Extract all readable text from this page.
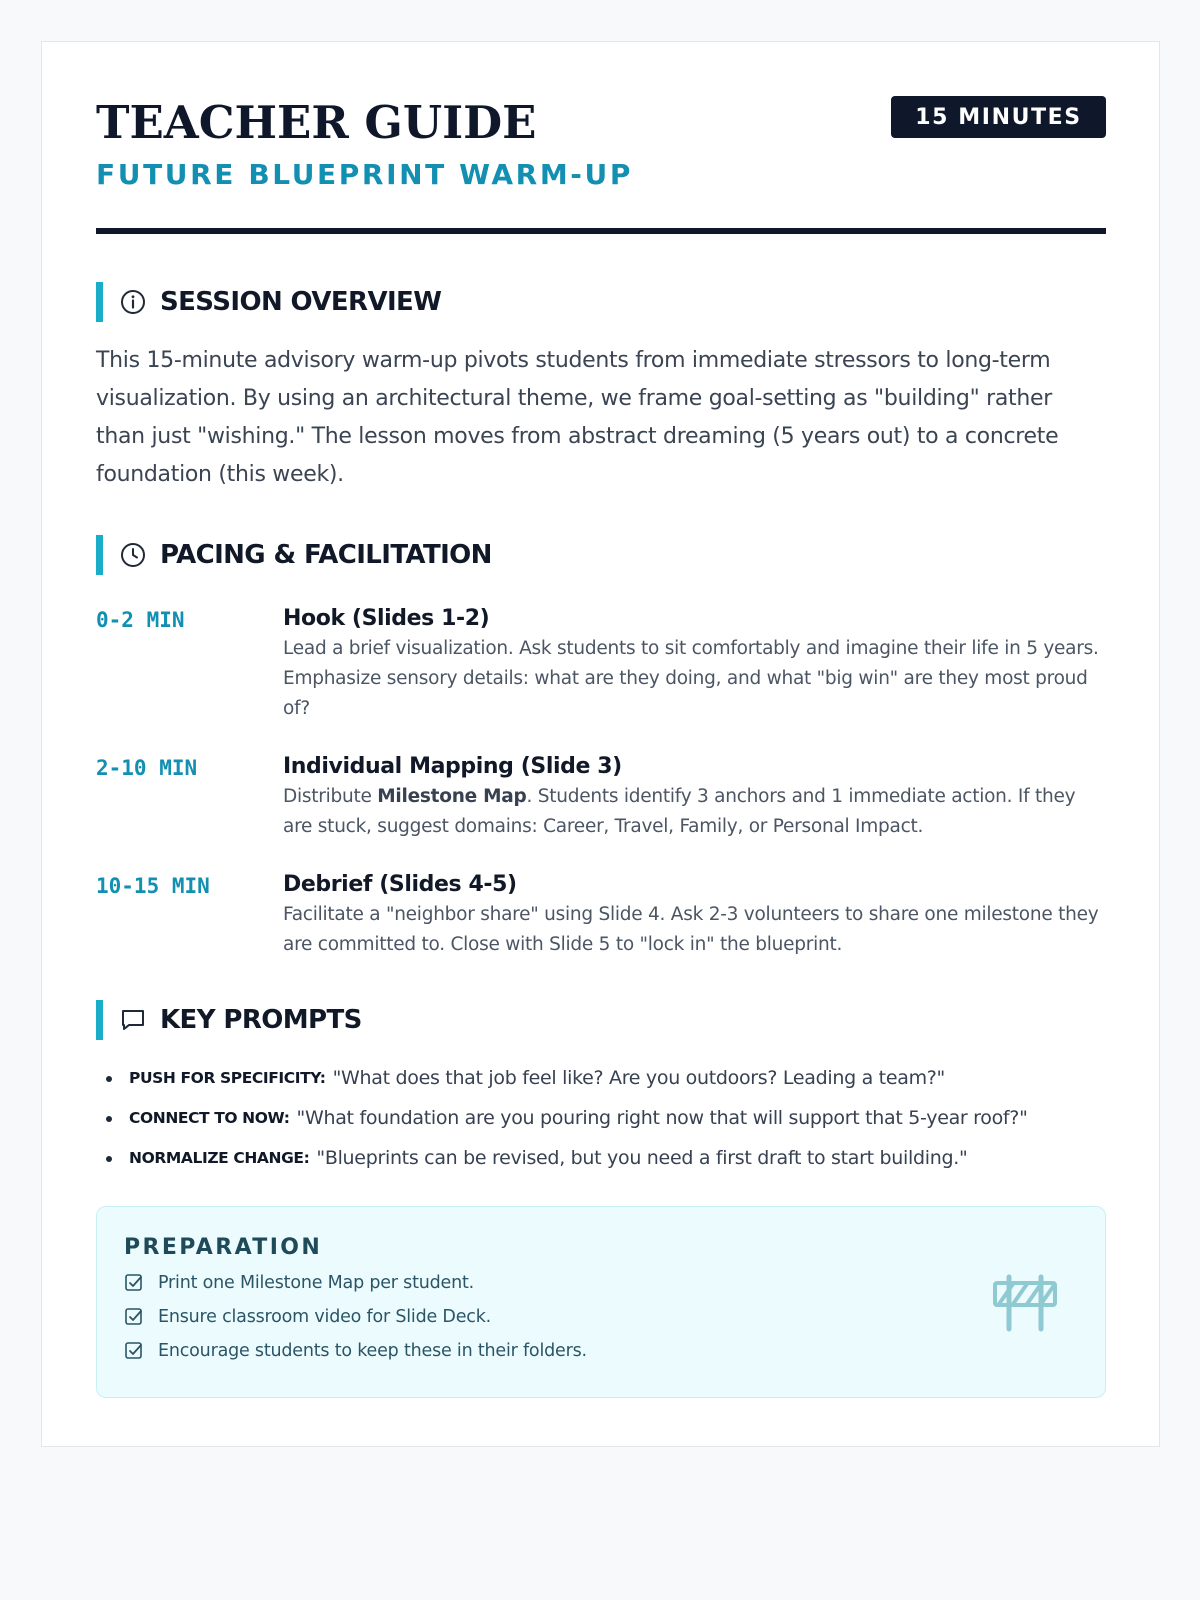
TEACHER GUIDE
FUTURE BLUEPRINT WARM-UP
15 MINUTES
SESSION OVERVIEW

This 15-minute advisory warm-up pivots students from immediate stressors to long-term visualization. By using an architectural theme, we frame goal-setting as "building" rather than just "wishing." The lesson moves from abstract dreaming (5 years out) to a concrete foundation (this week).

PACING & FACILITATION
0-2 MIN	Hook (Slides 1-2)
Lead a brief visualization. Ask students to sit comfortably and imagine their life in 5 years. Emphasize sensory details: what are they doing, and what "big win" are they most proud of?
2-10 MIN	Individual Mapping (Slide 3)
Distribute Milestone Map. Students identify 3 anchors and 1 immediate action. If they are stuck, suggest domains: Career, Travel, Family, or Personal Impact.
10-15 MIN	Debrief (Slides 4-5)
Facilitate a "neighbor share" using Slide 4. Ask 2-3 volunteers to share one milestone they are committed to. Close with Slide 5 to "lock in" the blueprint.
KEY PROMPTS
PUSH FOR SPECIFICITY: "What does that job feel like? Are you outdoors? Leading a team?"
CONNECT TO NOW: "What foundation are you pouring right now that will support that 5-year roof?"
NORMALIZE CHANGE: "Blueprints can be revised, but you need a first draft to start building."
PREPARATION
Print one Milestone Map per student.
Ensure classroom video for Slide Deck.
Encourage students to keep these in their folders.
